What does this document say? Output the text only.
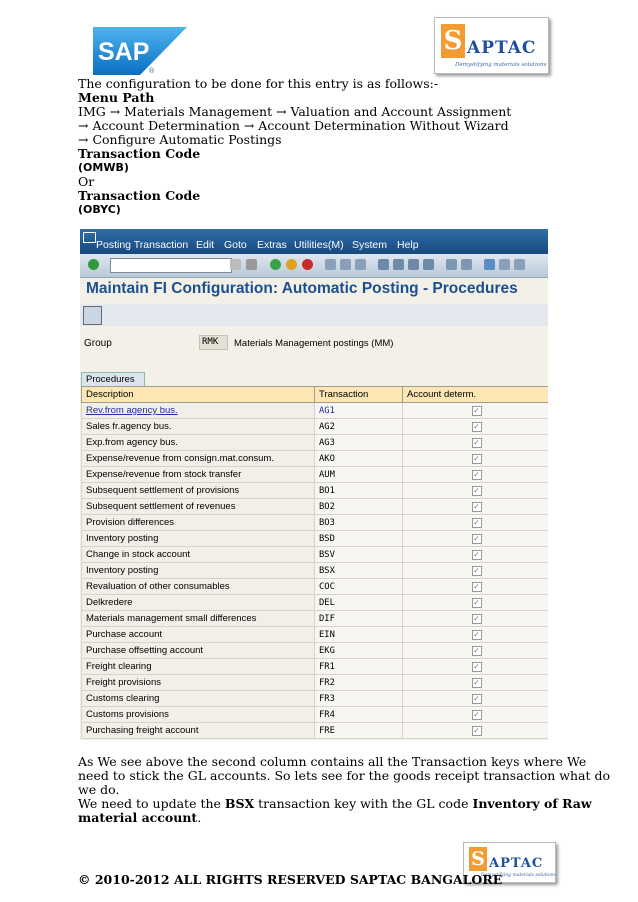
SAP
®
S APTAC
Demystifying materials solutions
The configuration to be done for this entry is as follows:-
Menu Path
IMG → Materials Management → Valuation and Account Assignment
→ Account Determination → Account Determination Without Wizard
→ Configure Automatic Postings
Transaction Code
(OMWB)
Or
Transaction Code
(OBYC)
Posting Transaction Edit Goto Extras Utilities(M) System Help
Maintain FI Configuration: Automatic Posting - Procedures
Group	RMK	Materials Management postings (MM)
Procedures
Description	Transaction	Account determ.
Rev.from agency bus.	AG1	✓
Sales fr.agency bus.	AG2	✓
Exp.from agency bus.	AG3	✓
Expense/revenue from consign.mat.consum.	AKO	✓
Expense/revenue from stock transfer	AUM	✓
Subsequent settlement of provisions	BO1	✓
Subsequent settlement of revenues	BO2	✓
Provision differences	BO3	✓
Inventory posting	BSD	✓
Change in stock account	BSV	✓
Inventory posting	BSX	✓
Revaluation of other consumables	COC	✓
Delkredere	DEL	✓
Materials management small differences	DIF	✓
Purchase account	EIN	✓
Purchase offsetting account	EKG	✓
Freight clearing	FR1	✓
Freight provisions	FR2	✓
Customs clearing	FR3	✓
Customs provisions	FR4	✓
Purchasing freight account	FRE	✓
As We see above the second column contains all the Transaction keys where We
need to stick the GL accounts. So lets see for the goods receipt transaction what do
we do.
We need to update the BSX transaction key with the GL code Inventory of Raw
material account.
S APTAC
Demystifying materials solutions
© 2010-2012 ALL RIGHTS RESERVED SAPTAC BANGALORE
